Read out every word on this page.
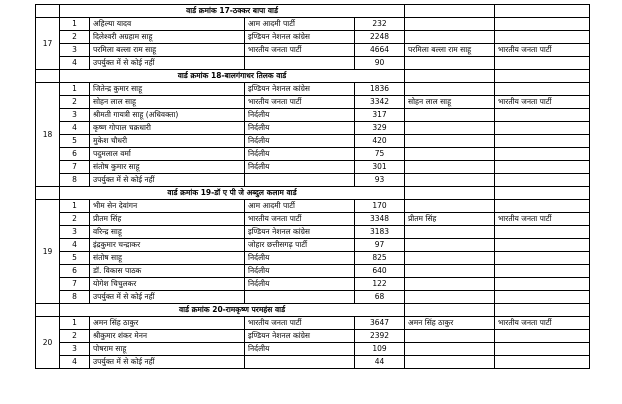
	वार्ड क्रमांक 17-ठक्कर बापा वार्ड					
17	1	अहिल्या यादव	आम आदमी पार्टी	232		
	2	दिलेश्वरी अग्रहाम साहू	इण्डियन नेशनल कांग्रेस	2248		
	3	परमिला बल्ला राम साहू	भारतीय जनता पार्टी	4664	परमिला बल्ला राम साहू	भारतीय जनता पार्टी
	4	उपर्युक्त में से कोई नहीं		90		
	वार्ड क्रमांक 18-बालगंगाधर तिलक वार्ड					
18	1	जितेन्द्र कुमार साहू	इण्डियन नेशनल कांग्रेस	1836		
	2	सोहन लाल साहू	भारतीय जनता पार्टी	3342	सोहन लाल साहू	भारतीय जनता पार्टी
	3	श्रीमती गायत्री साहू (अधिवक्ता)	निर्दलीय	317		
	4	कृष्ण गोपाल चक्रधारी	निर्दलीय	329		
	5	मुकेश चौधरी	निर्दलीय	420		
	6	पदुमलाल वर्मा	निर्दलीय	75		
	7	संतोष कुमार साहू	निर्दलीय	301		
	8	उपर्युक्त में से कोई नहीं		93		
	वार्ड क्रमांक 19-डॉ ए पी जे अब्दुल कलाम वार्ड					
19	1	भीम सेन देवांगन	आम आदमी पार्टी	170		
	2	प्रीतम सिंह	भारतीय जनता पार्टी	3348	प्रीतम सिंह	भारतीय जनता पार्टी
	3	वरिन्द्र साहू	इण्डियन नेशनल कांग्रेस	3183		
	4	इंद्रकुमार चन्द्राकर	जोहार छत्तीसगढ़ पार्टी	97		
	5	संतोष साहू	निर्दलीय	825		
	6	डॉ. विकास पाठक	निर्दलीय	640		
	7	योगेश चिचुलकर	निर्दलीय	122		
	8	उपर्युक्त में से कोई नहीं		68		
	वार्ड क्रमांक 20-रामकृष्ण परमहंस वार्ड					
20	1	अमन सिंह ठाकुर	भारतीय जनता पार्टी	3647	अमन सिंह ठाकुर	भारतीय जनता पार्टी
	2	श्रीकुमार शंकर मेनन	इण्डियन नेशनल कांग्रेस	2392		
	3	पोषराम साहू	निर्दलीय	109		
	4	उपर्युक्त में से कोई नहीं		44		
